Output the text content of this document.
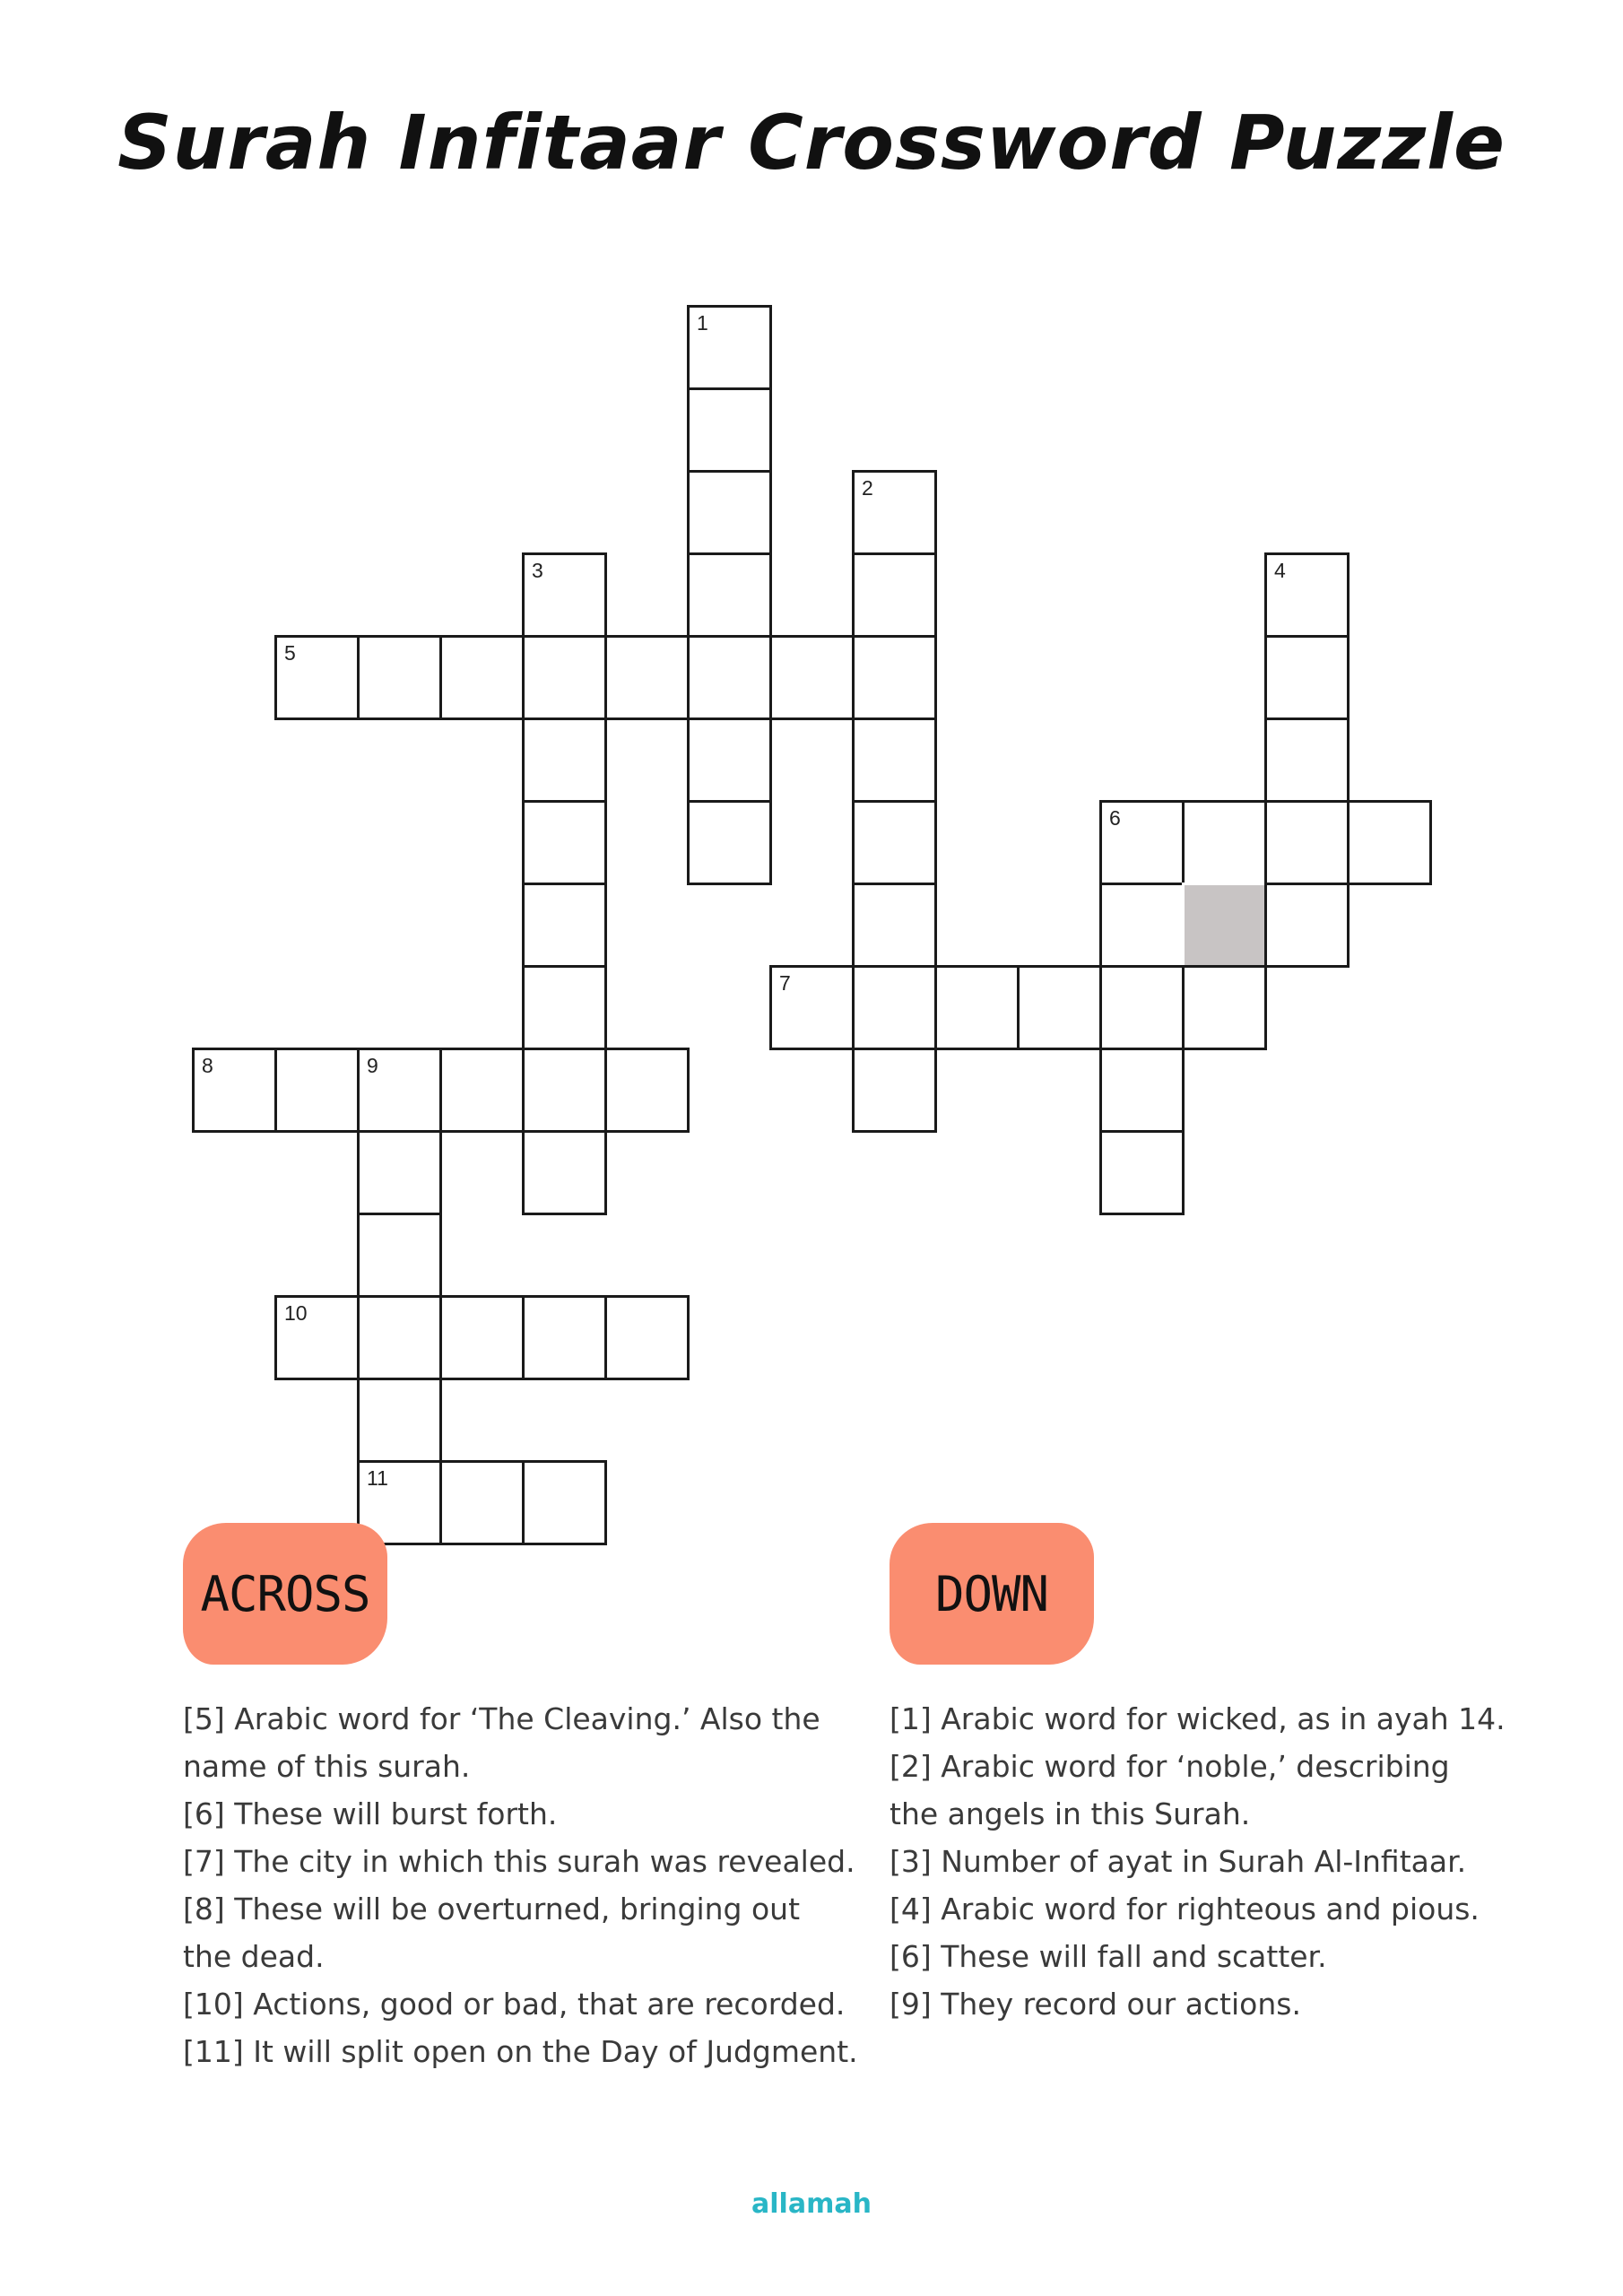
Surah Infitaar Crossword Puzzle
1
2
3	4
5
6
7
8	9
10
11
ACROSS	DOWN
[5] Arabic word for ‘The Cleaving.’ Also the
name of this surah.
[6] These will burst forth.
[7] The city in which this surah was revealed.
[8] These will be overturned, bringing out
the dead.
[10] Actions, good or bad, that are recorded.
[11] It will split open on the Day of Judgment.
[1] Arabic word for wicked, as in ayah 14.
[2] Arabic word for ‘noble,’ describing
the angels in this Surah.
[3] Number of ayat in Surah Al-Infitaar.
[4] Arabic word for righteous and pious.
[6] These will fall and scatter.
[9] They record our actions.
allamah
